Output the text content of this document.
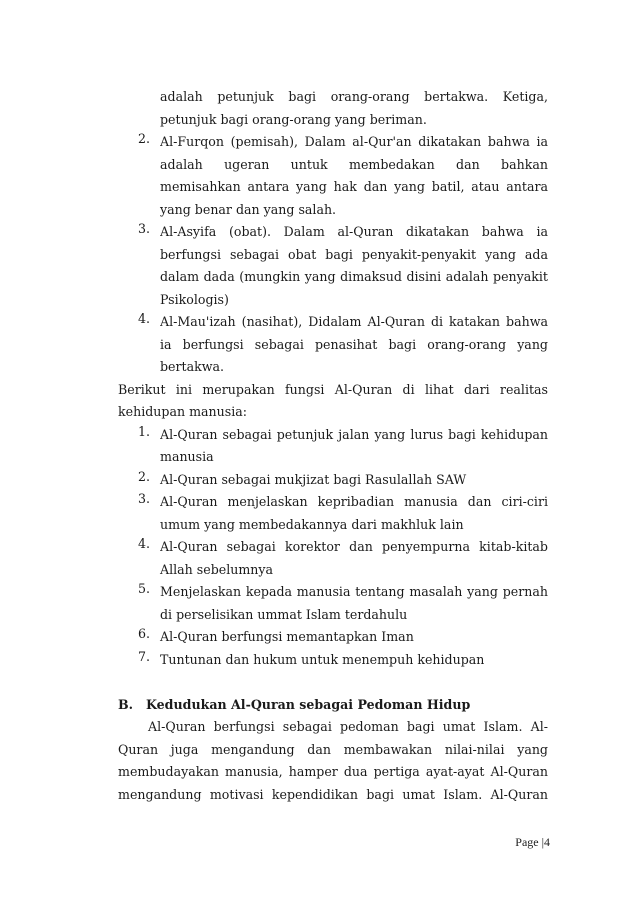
adalah petunjuk bagi orang-orang bertakwa. Ketiga,
petunjuk bagi orang-orang yang beriman.
2. Al-Furqon (pemisah), Dalam al-Qur'an dikatakan bahwa ia
adalah ugeran untuk membedakan dan bahkan
memisahkan antara yang hak dan yang batil, atau antara
yang benar dan yang salah.
3. Al-Asyifa (obat). Dalam al-Quran dikatakan bahwa ia
berfungsi sebagai obat bagi penyakit-penyakit yang ada
dalam dada (mungkin yang dimaksud disini adalah penyakit
Psikologis)
4. Al-Mau'izah (nasihat), Didalam Al-Quran di katakan bahwa
ia berfungsi sebagai penasihat bagi orang-orang yang
bertakwa.
Berikut ini merupakan fungsi Al-Quran di lihat dari realitas
kehidupan manusia:
1. Al-Quran sebagai petunjuk jalan yang lurus bagi kehidupan
manusia
2. Al-Quran sebagai mukjizat bagi Rasulallah SAW
3. Al-Quran menjelaskan kepribadian manusia dan ciri-ciri
umum yang membedakannya dari makhluk lain
4. Al-Quran sebagai korektor dan penyempurna kitab-kitab
Allah sebelumnya
5. Menjelaskan kepada manusia tentang masalah yang pernah
di perselisikan ummat Islam terdahulu
6. Al-Quran berfungsi memantapkan Iman
7. Tuntunan dan hukum untuk menempuh kehidupan
B. Kedudukan Al-Quran sebagai Pedoman Hidup
Al-Quran berfungsi sebagai pedoman bagi umat Islam. Al-
Quran juga mengandung dan membawakan nilai-nilai yang
membudayakan manusia, hamper dua pertiga ayat-ayat Al-Quran
mengandung motivasi kependidikan bagi umat Islam. Al-Quran
Page |4
